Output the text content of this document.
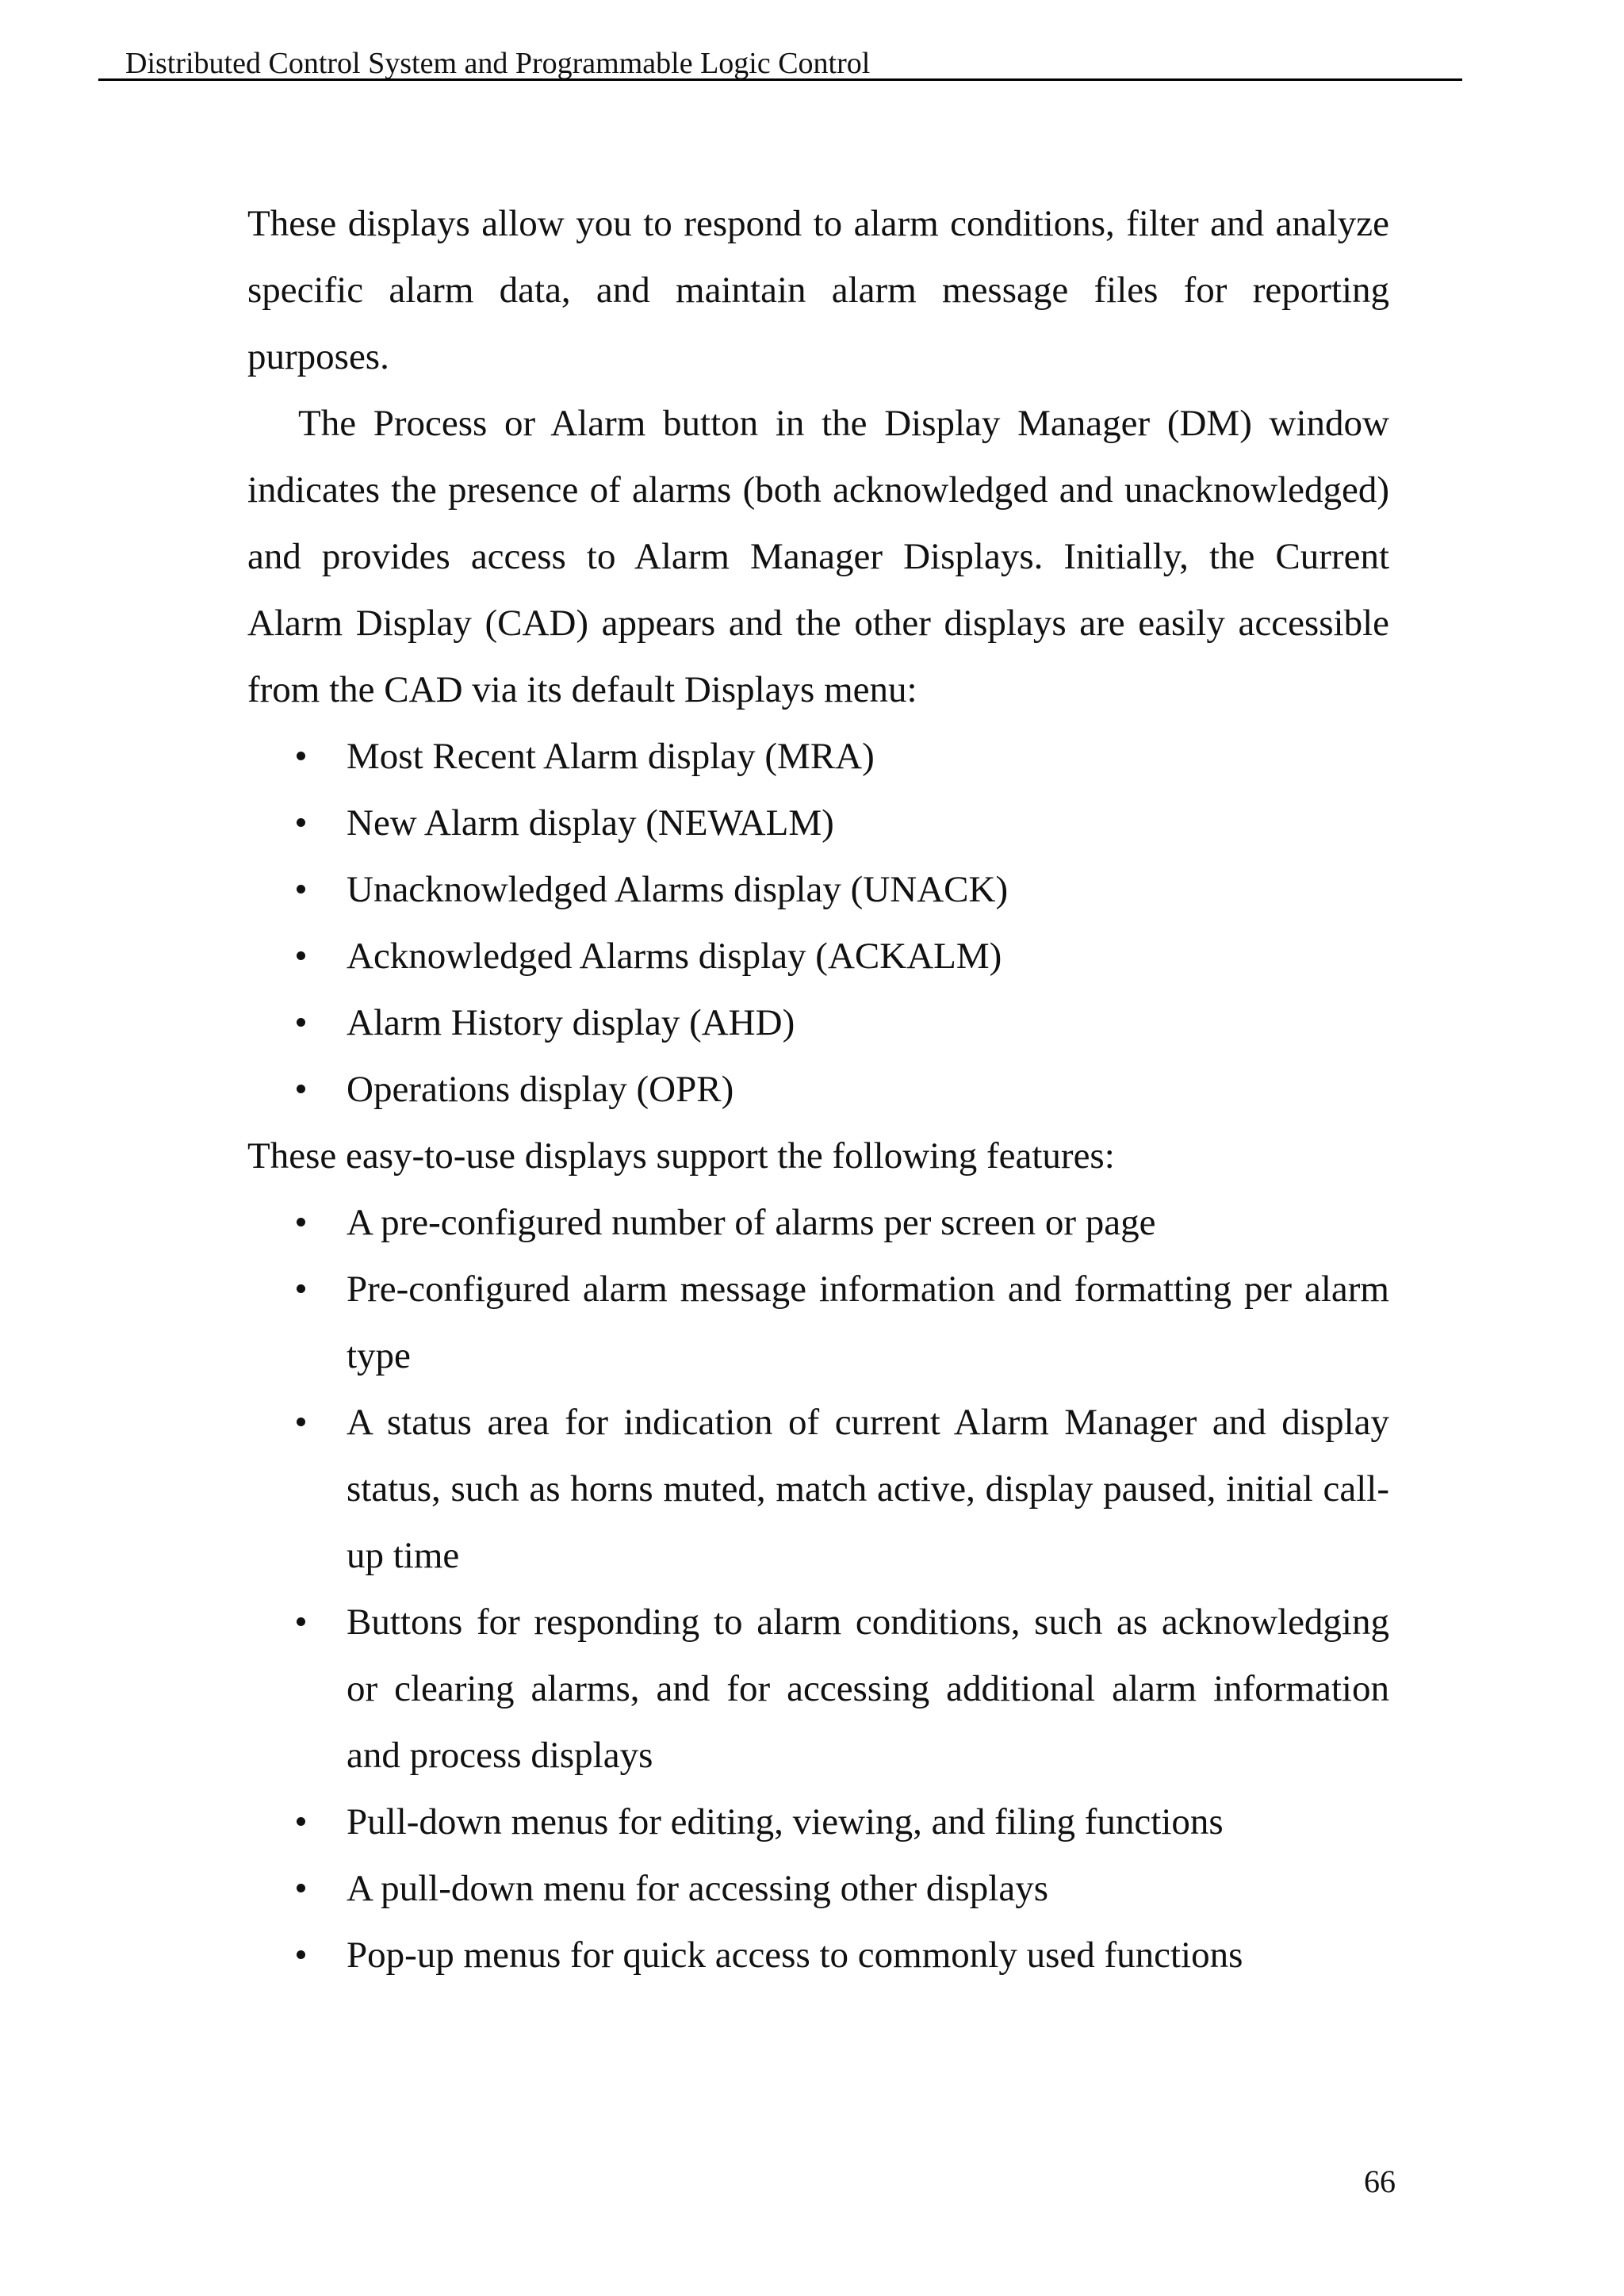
Distributed Control System and Programmable Logic Control

These displays allow you to respond to alarm conditions, filter and analyze specific alarm data, and maintain alarm message files for reporting purposes.

The Process or Alarm button in the Display Manager (DM) window indicates the presence of alarms (both acknowledged and unacknowledged) and provides access to Alarm Manager Displays. Initially, the Current Alarm Display (CAD) appears and the other displays are easily accessible from the CAD via its default Displays menu:

Most Recent Alarm display (MRA)
New Alarm display (NEWALM)
Unacknowledged Alarms display (UNACK)
Acknowledged Alarms display (ACKALM)
Alarm History display (AHD)
Operations display (OPR)

These easy-to-use displays support the following features:

A pre-configured number of alarms per screen or page
Pre-configured alarm message information and formatting per alarm type
A status area for indication of current Alarm Manager and display status, such as horns muted, match active, display paused, initial call-up time
Buttons for responding to alarm conditions, such as acknowledging or clearing alarms, and for accessing additional alarm information and process displays
Pull-down menus for editing, viewing, and filing functions
A pull-down menu for accessing other displays
Pop-up menus for quick access to commonly used functions
66
